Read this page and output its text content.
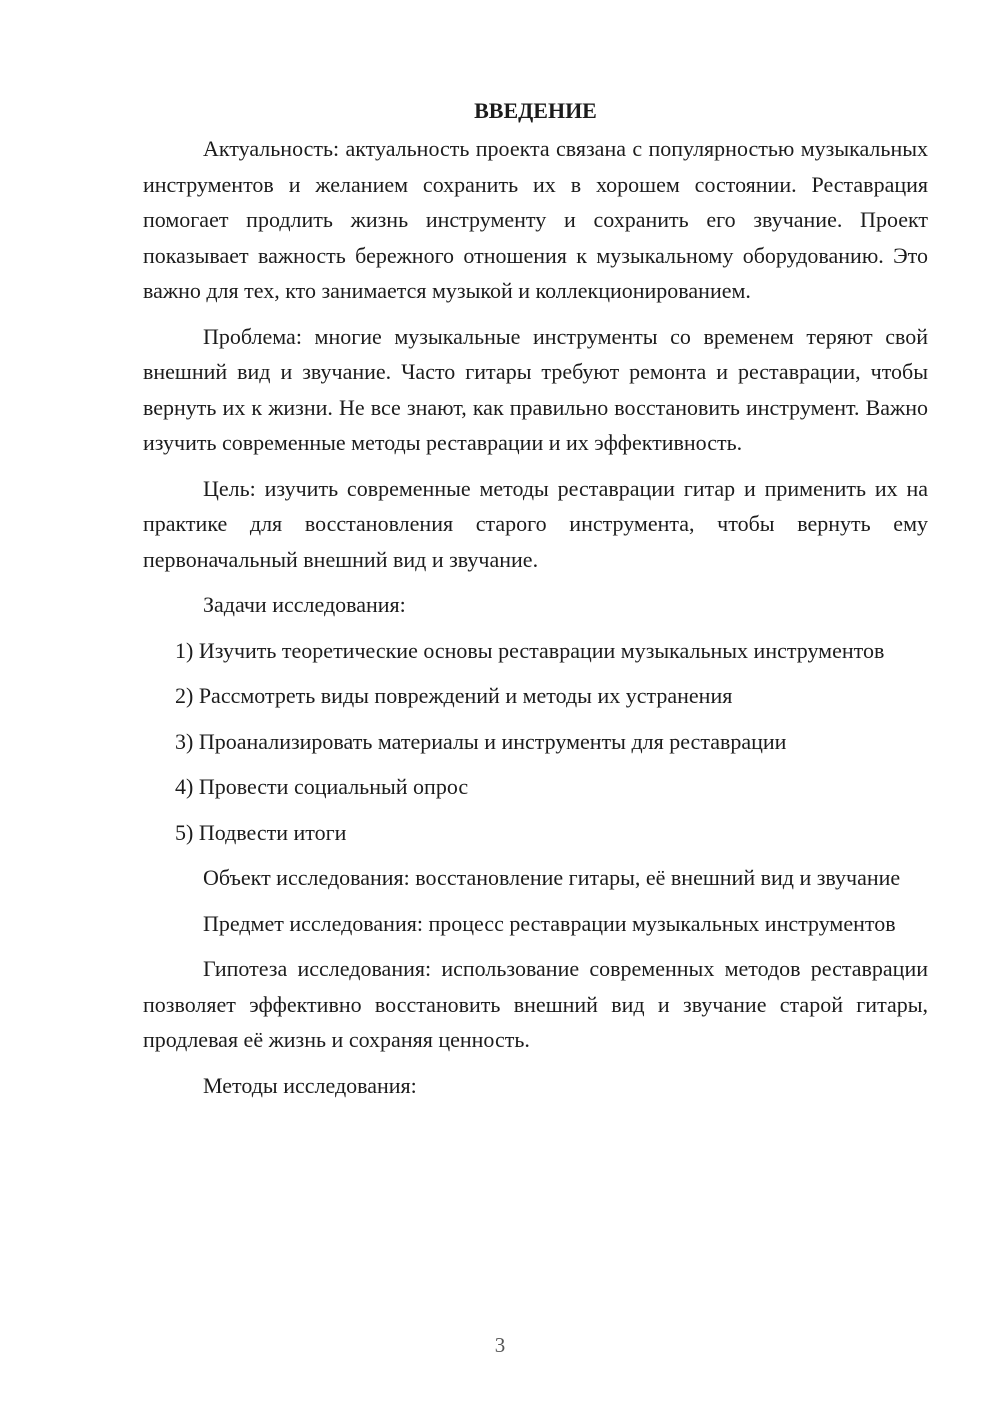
ВВЕДЕНИЕ

Актуальность: актуальность проекта связана с популярностью музыкальных инструментов и желанием сохранить их в хорошем состоянии. Реставрация помогает продлить жизнь инструменту и сохранить его звучание. Проект показывает важность бережного отношения к музыкальному оборудованию. Это важно для тех, кто занимается музыкой и коллекционированием.

Проблема: многие музыкальные инструменты со временем теряют свой внешний вид и звучание. Часто гитары требуют ремонта и реставрации, чтобы вернуть их к жизни. Не все знают, как правильно восстановить инструмент. Важно изучить современные методы реставрации и их эффективность.

Цель: изучить современные методы реставрации гитар и применить их на практике для восстановления старого инструмента, чтобы вернуть ему первоначальный внешний вид и звучание.

Задачи исследования:

1) Изучить теоретические основы реставрации музыкальных инструментов

2) Рассмотреть виды повреждений и методы их устранения

3) Проанализировать материалы и инструменты для реставрации

4) Провести социальный опрос

5) Подвести итоги

Объект исследования: восстановление гитары, её внешний вид и звучание

Предмет исследования: процесс реставрации музыкальных инструментов

Гипотеза исследования: использование современных методов реставрации позволяет эффективно восстановить внешний вид и звучание старой гитары, продлевая её жизнь и сохраняя ценность.

Методы исследования:

3
